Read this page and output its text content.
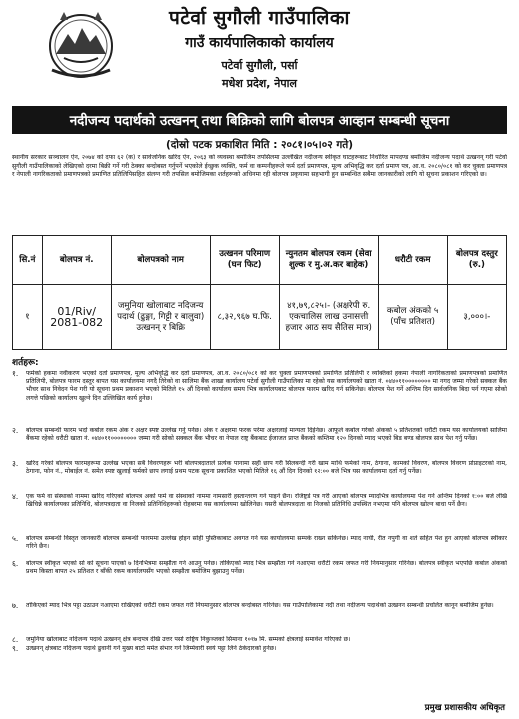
पटेर्वा सुगौली गाउँपालिका
गाउँ कार्यपालिकाको कार्यालय
पटेर्वा सुगौली, पर्सा
मधेश प्रदेश, नेपाल
नदीजन्य पदार्थको उत्खनन् तथा बिक्रिको लागि बोलपत्र आव्हान सम्बन्धी सूचना
(दोस्रो पटक प्रकाशित मिति : २०८१।०५।०२ गते)
स्थानीय सरकार सञ्चालन ऐन, २०७४ को दफा ६२ (क) र सार्वजनिक खरिद ऐन, २०६३ को व्यवस्था बमोजिम तपसिलमा उल्लेखित नदीजन्य स्वीकृत घाटहरूबाट निर्धारित मापदण्ड बमोजिम नदीजन्य पदार्थ उत्खनन् गरी पटेर्वा सुगौली गाउँपालिकाको लेखिएको दरमा बिक्री गर्ने गरी ठेक्का बन्दोबस्त गर्नुपर्ने भएकोले ईच्छुक व्यक्ति, फर्म वा कम्पनीहरूले फर्म दर्ता प्रमाणपत्र, मूल्य अभिवृद्धि कर दर्ता प्रमाण पत्र, आ.व. २०८०/०८१ को कर चुक्ता प्रमाणपत्र र नेपाली नागरिकताको प्रमाणपत्रको प्रमाणित प्रतिलिपिसहित संलग्न गरी तपसिल बमोजिमका शर्तहरूको अधिनमा रही बोलपत्र प्रकृयामा सहभागी हुन सम्बन्धित सबैमा जानकारीको लागि यो सूचना प्रकाशन गरिएको छ।
सि.नं	बोलपत्र नं.	बोलपत्रको नाम	उत्खनन परिमाण (घन फिट)	न्युनतम बोलपत्र रकम (सेवा शुल्क र मु.अ.कर बाहेक)	धरौटी रकम	बोलपत्र दस्तुर (रु.)
१	01/Riv/ 2081-082	जमुनिया खोलाबाट नदिजन्य पदार्थ (ढुङ्गा, गिट्टी र बालुवा) उत्खनन् र बिक्रि	८,३२,९६७ घ.फि.	४१,७९,८२५।- (अक्षरेपी रु. एकचालिस लाख उनासत्ती हजार आठ सय सैतिस मात्र)	कबोल अंकको ५ (पाँच प्रतिशत)	३,०००।-
शर्तहरू:
१. फर्मको हकमा नवीकरण भएको दर्ता प्रमाणपत्र, मूल्य अभिवृद्धि कर दर्ता प्रमाणपत्र, आ.व. २०८०/०८१ को कर चुक्ता प्रमाणपत्रको प्रमाणित प्रतिलिपी र व्यक्तिको हकमा नेपाली नागरिकताको प्रमाणपत्रको प्रमाणित प्रतिलिपी, बोलपत्र फारम दस्तुर बापत यस कार्यालयमा नगदै तिरेको वा सालिमा बैंक शाखा कार्यालय पटेर्वा सुगौली गाउँपालिका मा रहेको यस कार्यालयको खाता नं. ०४४०११०००००००० मा नगद जम्मा गरेको सक्कल बैंक भौचर साथ निवेदन पेश गरी यो सूचना प्रथम प्रकाशन भएको मितिले १५ औं दिनको कार्यालय समय भित्र कार्यालयबाट बोलपत्र फारम खरिद गर्न सकिनेछ। बोलपत्र पेश गर्ने अन्तिम दिन सार्वजनिक बिदा पर्न गएमा सोको लगत्ते पछिको कार्यालय खुल्ने दिन उल्लिखित कार्य हुनेछ।
२. बोलपत्र सम्बन्धी फारम भर्दा कबोल रकम अंक र अक्षर स्पष्ट उल्लेख गर्नु पर्नेछ। अंक र अक्षरमा फरक परेमा अक्षरलाई मान्यता दिईनेछ। आफूले कबोल गरेको अंकको ५ प्रतिशतको धरौटी रकम यस कार्यालयको सालिमा बैंकमा रहेको धरौटी खाता नं. ०४४०११०००००००० जम्मा गरी सोको सक्कल बैंक भौचर वा नेपाल राष्ट्र बैंकबाट ईजाजत प्राप्त बैंकको कम्तिमा १२० दिनको म्याद भएको बिड बण्ड बोलपत्र साथ पेश गर्नु पर्नेछ।
३. खरिद गरेको बोलपत्र फारमहरूमा उल्लेख भएका सबै विवरणहरू भरी बोलपत्रदाताले प्रत्येक पानामा सही छाप गरी सिलबन्दी गरी खाम माथि फर्मको नाम, ठेगाना, कामको विवरण, बोलपत्र विवरण प्रोप्राइटरको नाम, ठेगाना, फोन नं., मोबाईल नं. समेत स्पष्ट खुलाई फर्मको छाप लगाई प्रथम पटक सूचना प्रकाशित भएको मितिले १६ औं दिन दिनको १२:०० बजे भित्र यस कार्यालयमा दर्ता गर्नु पर्नेछ।
४. एक फर्म वा संस्थाको नाममा खरिद गरिएको बोलपत्र अर्को फर्म वा संस्थाको नाममा नामसारी हस्तान्तरण गर्न पाइने छैन। रजिष्ट्रर्ड पत्र गरी आएको बोलपत्र म्यादभित्र कार्यालयमा पेश गर्ने अन्तिम दिनको १:०० बजे लेखि खिचिन्ने कार्यालयका प्रतिनिधि, बोलपत्रदाता वा निजको प्रतिनिधिहरूको रोहबरमा यस कार्यालयमा खोलिनेछ। यसरी बोलपत्रदाता वा निजको प्रतिनिधि उपस्थित नभएमा पनि बोलपत्र खोल्न बाधा पर्ने छैन।
५. बोलपत्र सम्बन्धी विस्तृत जानकारी बोलपत्र सम्बन्धी फारममा उल्लेख होइन सोही पुस्तिकाबाट अवगत गर्न यस कार्यालयमा सम्पर्क राख्न सकिनेछ। म्याद नाघी, रीत नपुगी वा शर्त सहित पेश हुन आएको बोलपत्र स्वीकार गरिने छैन।
६. बोलपत्र स्वीकृत भएको सो को सूचना पाएको ७ दिनभित्रमा सम्झौता गर्न आउनु पर्नेछ। तोकिएको म्याद भित्र सम्झौता गर्न नआएमा धरौटी रकम जफत गरी नियमानुसार गरिनेछ। बोलपत्र स्वीकृत भएपछि कबोल अंकको प्रथम किस्ता बापत २५ प्रतिशत र बाँकी रकम कार्यालयसँग भएको सम्झौता बमोजिम बुझाउनु पर्नेछ।
७. तोकिएको म्याद भित्र पट्टा उठाउन नआएमा राखिएको धरौटी रकम जफत गरी नियमानुसार बोलपत्र बन्दोबस्त गरिनेछ। यस गाउँपालिकामा नदी तथा नदीजन्य पदार्थको उत्खनन सम्बन्धी प्रचलित कानून बमोजिम हुनेछ।
८. जमुनिया खोलाबाट नदिजन्य पदार्थ उत्खनन् क्षेत्र बन्दपत्र देखि उत्तर पर्सा राष्ट्रिय निकुञ्जको सिमाना १०१७ मि. सम्मको क्षेत्रलाई समावेश गरिएको छ।
९. उत्खनन् क्षेत्रबाट नदिजन्य पदार्थ ढुवानी गर्ने मुख्य बाटो मर्मत संभार गर्ने जिम्मेवारी स्वयं पट्टा लिने ठेकेदारको हुनेछ।
प्रमुख प्रशासकीय अधिकृत
